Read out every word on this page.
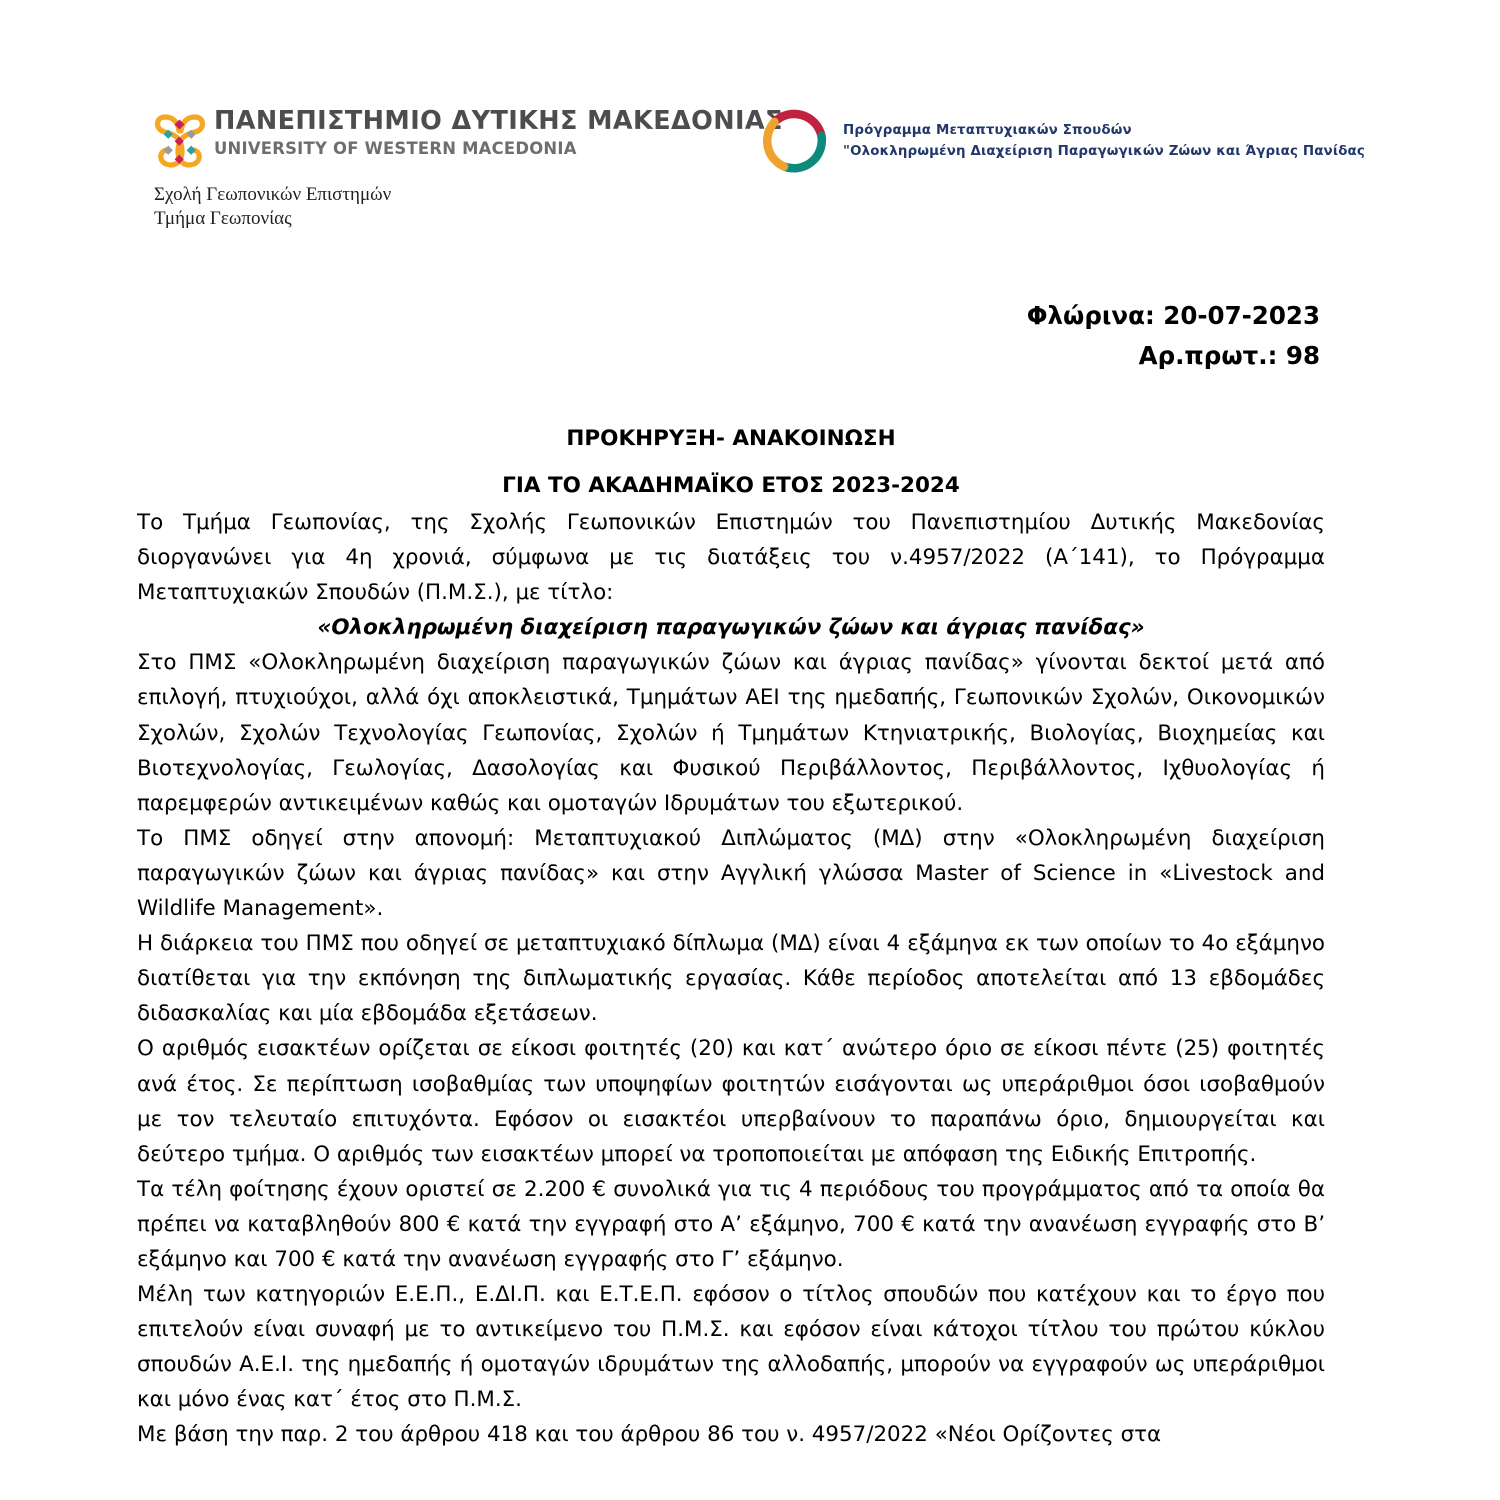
ΠΑΝΕΠΙΣΤΗΜΙΟ ΔΥΤΙΚΗΣ ΜΑΚΕΔΟΝΙΑΣ
UNIVERSITY OF WESTERN MACEDONIA
Σχολή Γεωπονικών Επιστημών
Τμήμα Γεωπονίας
Πρόγραμμα Μεταπτυχιακών Σπουδών
"Ολοκληρωμένη Διαχείριση Παραγωγικών Ζώων και Άγριας Πανίδας
Φλώρινα: 20-07-2023
Αρ.πρωτ.: 98
ΠΡΟΚΗΡΥΞΗ- ΑΝΑΚΟΙΝΩΣΗ
ΓΙΑ ΤΟ ΑΚΑΔΗΜΑΪΚΟ ΕΤΟΣ 2023-2024

Το Τμήμα Γεωπονίας, της Σχολής Γεωπονικών Επιστημών του Πανεπιστημίου Δυτικής Μακεδονίας διοργανώνει για 4η χρονιά, σύμφωνα με τις διατάξεις του ν.4957/2022 (Α΄141), το Πρόγραμμα Μεταπτυχιακών Σπουδών (Π.Μ.Σ.), με τίτλο:

«Ολοκληρωμένη διαχείριση παραγωγικών ζώων και άγριας πανίδας»

Στο ΠΜΣ «Ολοκληρωμένη διαχείριση παραγωγικών ζώων και άγριας πανίδας» γίνονται δεκτοί μετά από επιλογή, πτυχιούχοι, αλλά όχι αποκλειστικά, Τμημάτων ΑΕΙ της ημεδαπής, Γεωπονικών Σχολών, Οικονομικών Σχολών, Σχολών Τεχνολογίας Γεωπονίας, Σχολών ή Τμημάτων Κτηνιατρικής, Βιολογίας, Βιοχημείας και Βιοτεχνολογίας, Γεωλογίας, Δασολογίας και Φυσικού Περιβάλλοντος, Περιβάλλοντος, Ιχθυολογίας ή παρεμφερών αντικειμένων καθώς και ομοταγών Ιδρυμάτων του εξωτερικού.

Το ΠΜΣ οδηγεί στην απονομή: Μεταπτυχιακού Διπλώματος (ΜΔ) στην «Ολοκληρωμένη διαχείριση παραγωγικών ζώων και άγριας πανίδας» και στην Αγγλική γλώσσα Master of Science in «Livestock and Wildlife Management».

Η διάρκεια του ΠΜΣ που οδηγεί σε μεταπτυχιακό δίπλωμα (ΜΔ) είναι 4 εξάμηνα εκ των οποίων το 4ο εξάμηνο διατίθεται για την εκπόνηση της διπλωματικής εργασίας. Κάθε περίοδος αποτελείται από 13 εβδομάδες διδασκαλίας και μία εβδομάδα εξετάσεων.

Ο αριθμός εισακτέων ορίζεται σε είκοσι φοιτητές (20) και κατ΄ ανώτερο όριο σε είκοσι πέντε (25) φοιτητές ανά έτος. Σε περίπτωση ισοβαθμίας των υποψηφίων φοιτητών εισάγονται ως υπεράριθμοι όσοι ισοβαθμούν με τον τελευταίο επιτυχόντα. Εφόσον οι εισακτέοι υπερβαίνουν το παραπάνω όριο, δημιουργείται και δεύτερο τμήμα. Ο αριθμός των εισακτέων μπορεί να τροποποιείται με απόφαση της Ειδικής Επιτροπής.

Τα τέλη φοίτησης έχουν οριστεί σε 2.200 € συνολικά για τις 4 περιόδους του προγράμματος από τα οποία θα πρέπει να καταβληθούν 800 € κατά την εγγραφή στο Α’ εξάμηνο, 700 € κατά την ανανέωση εγγραφής στο Β’ εξάμηνο και 700 € κατά την ανανέωση εγγραφής στο Γ’ εξάμηνο.

Μέλη των κατηγοριών Ε.Ε.Π., Ε.ΔΙ.Π. και Ε.Τ.Ε.Π. εφόσον ο τίτλος σπουδών που κατέχουν και το έργο που επιτελούν είναι συναφή με το αντικείμενο του Π.Μ.Σ. και εφόσον είναι κάτοχοι τίτλου του πρώτου κύκλου σπουδών Α.Ε.Ι. της ημεδαπής ή ομοταγών ιδρυμάτων της αλλοδαπής, μπορούν να εγγραφούν ως υπεράριθμοι και μόνο ένας κατ΄ έτος στο Π.Μ.Σ.

Με βάση την παρ. 2 του άρθρου 418 και του άρθρου 86 του ν. 4957/2022 «Νέοι Ορίζοντες στα
